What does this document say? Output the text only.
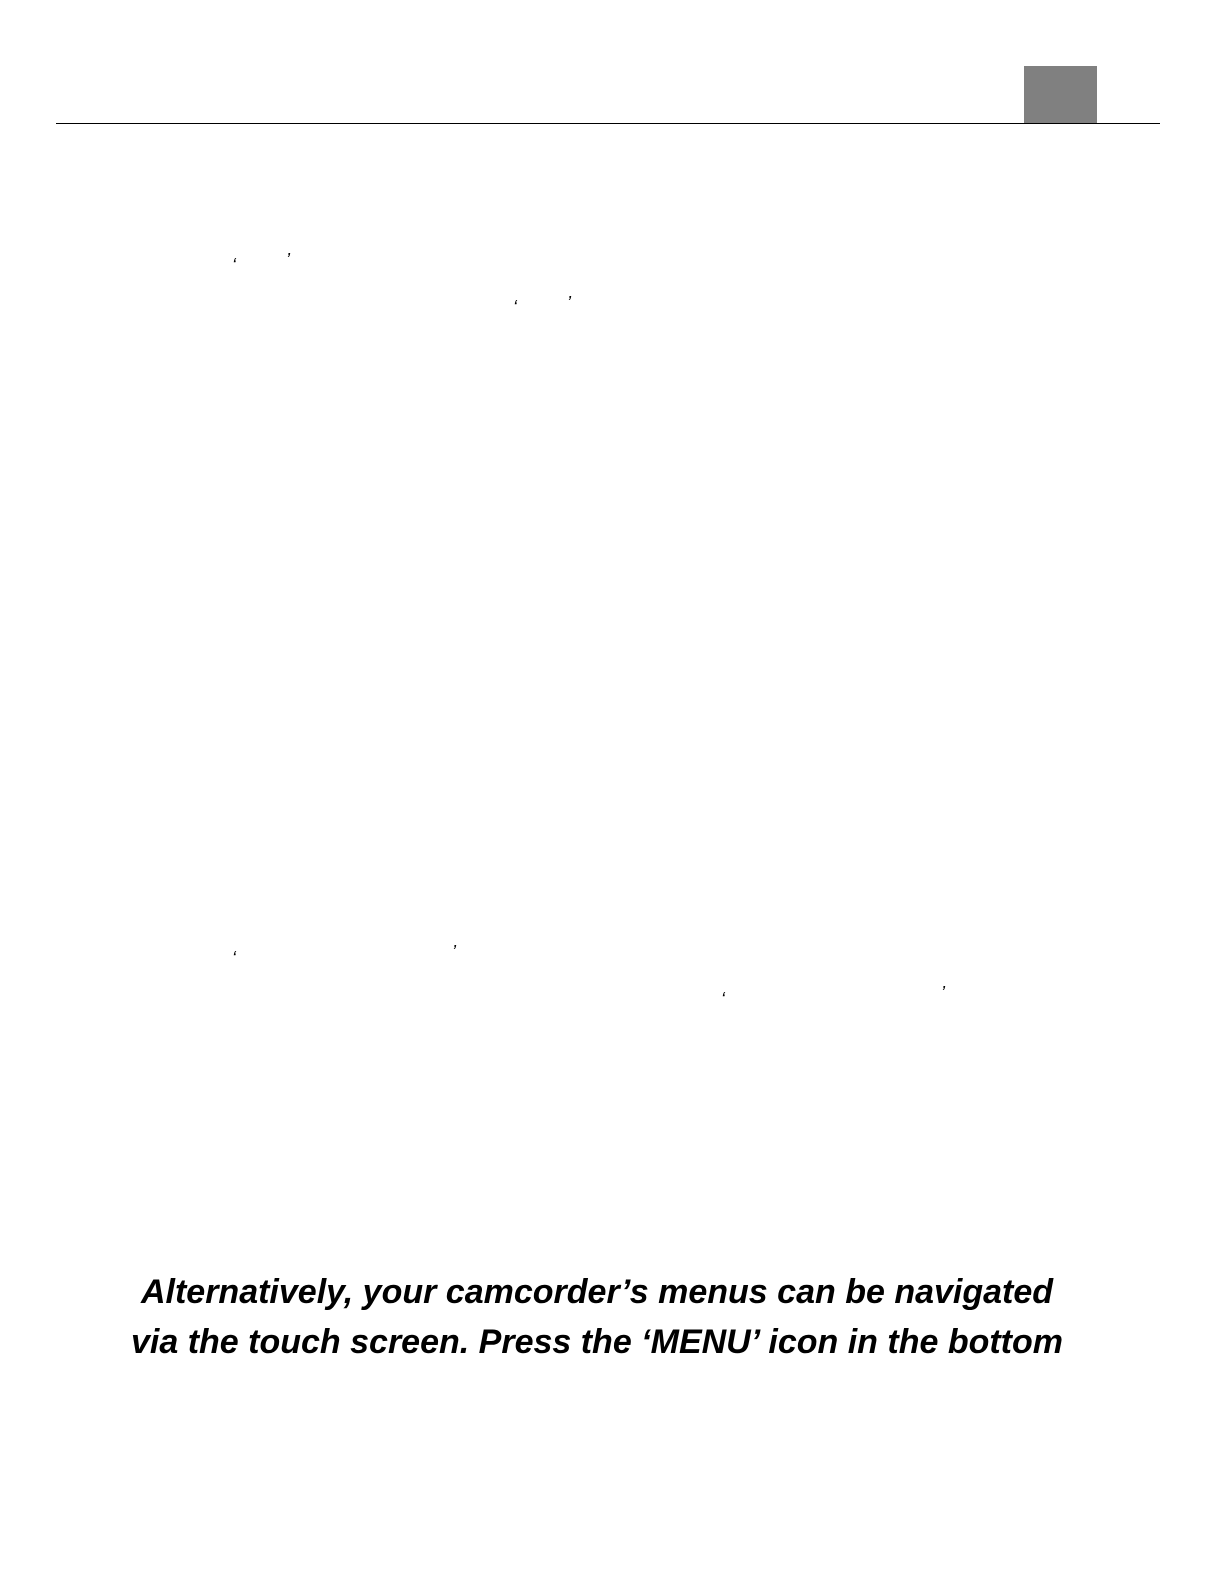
‘	’
‘	’
‘	’
‘	’
Alternatively, your camcorder’s menus can be navigated
via the touch screen. Press the ‘MENU’ icon in the bottom
